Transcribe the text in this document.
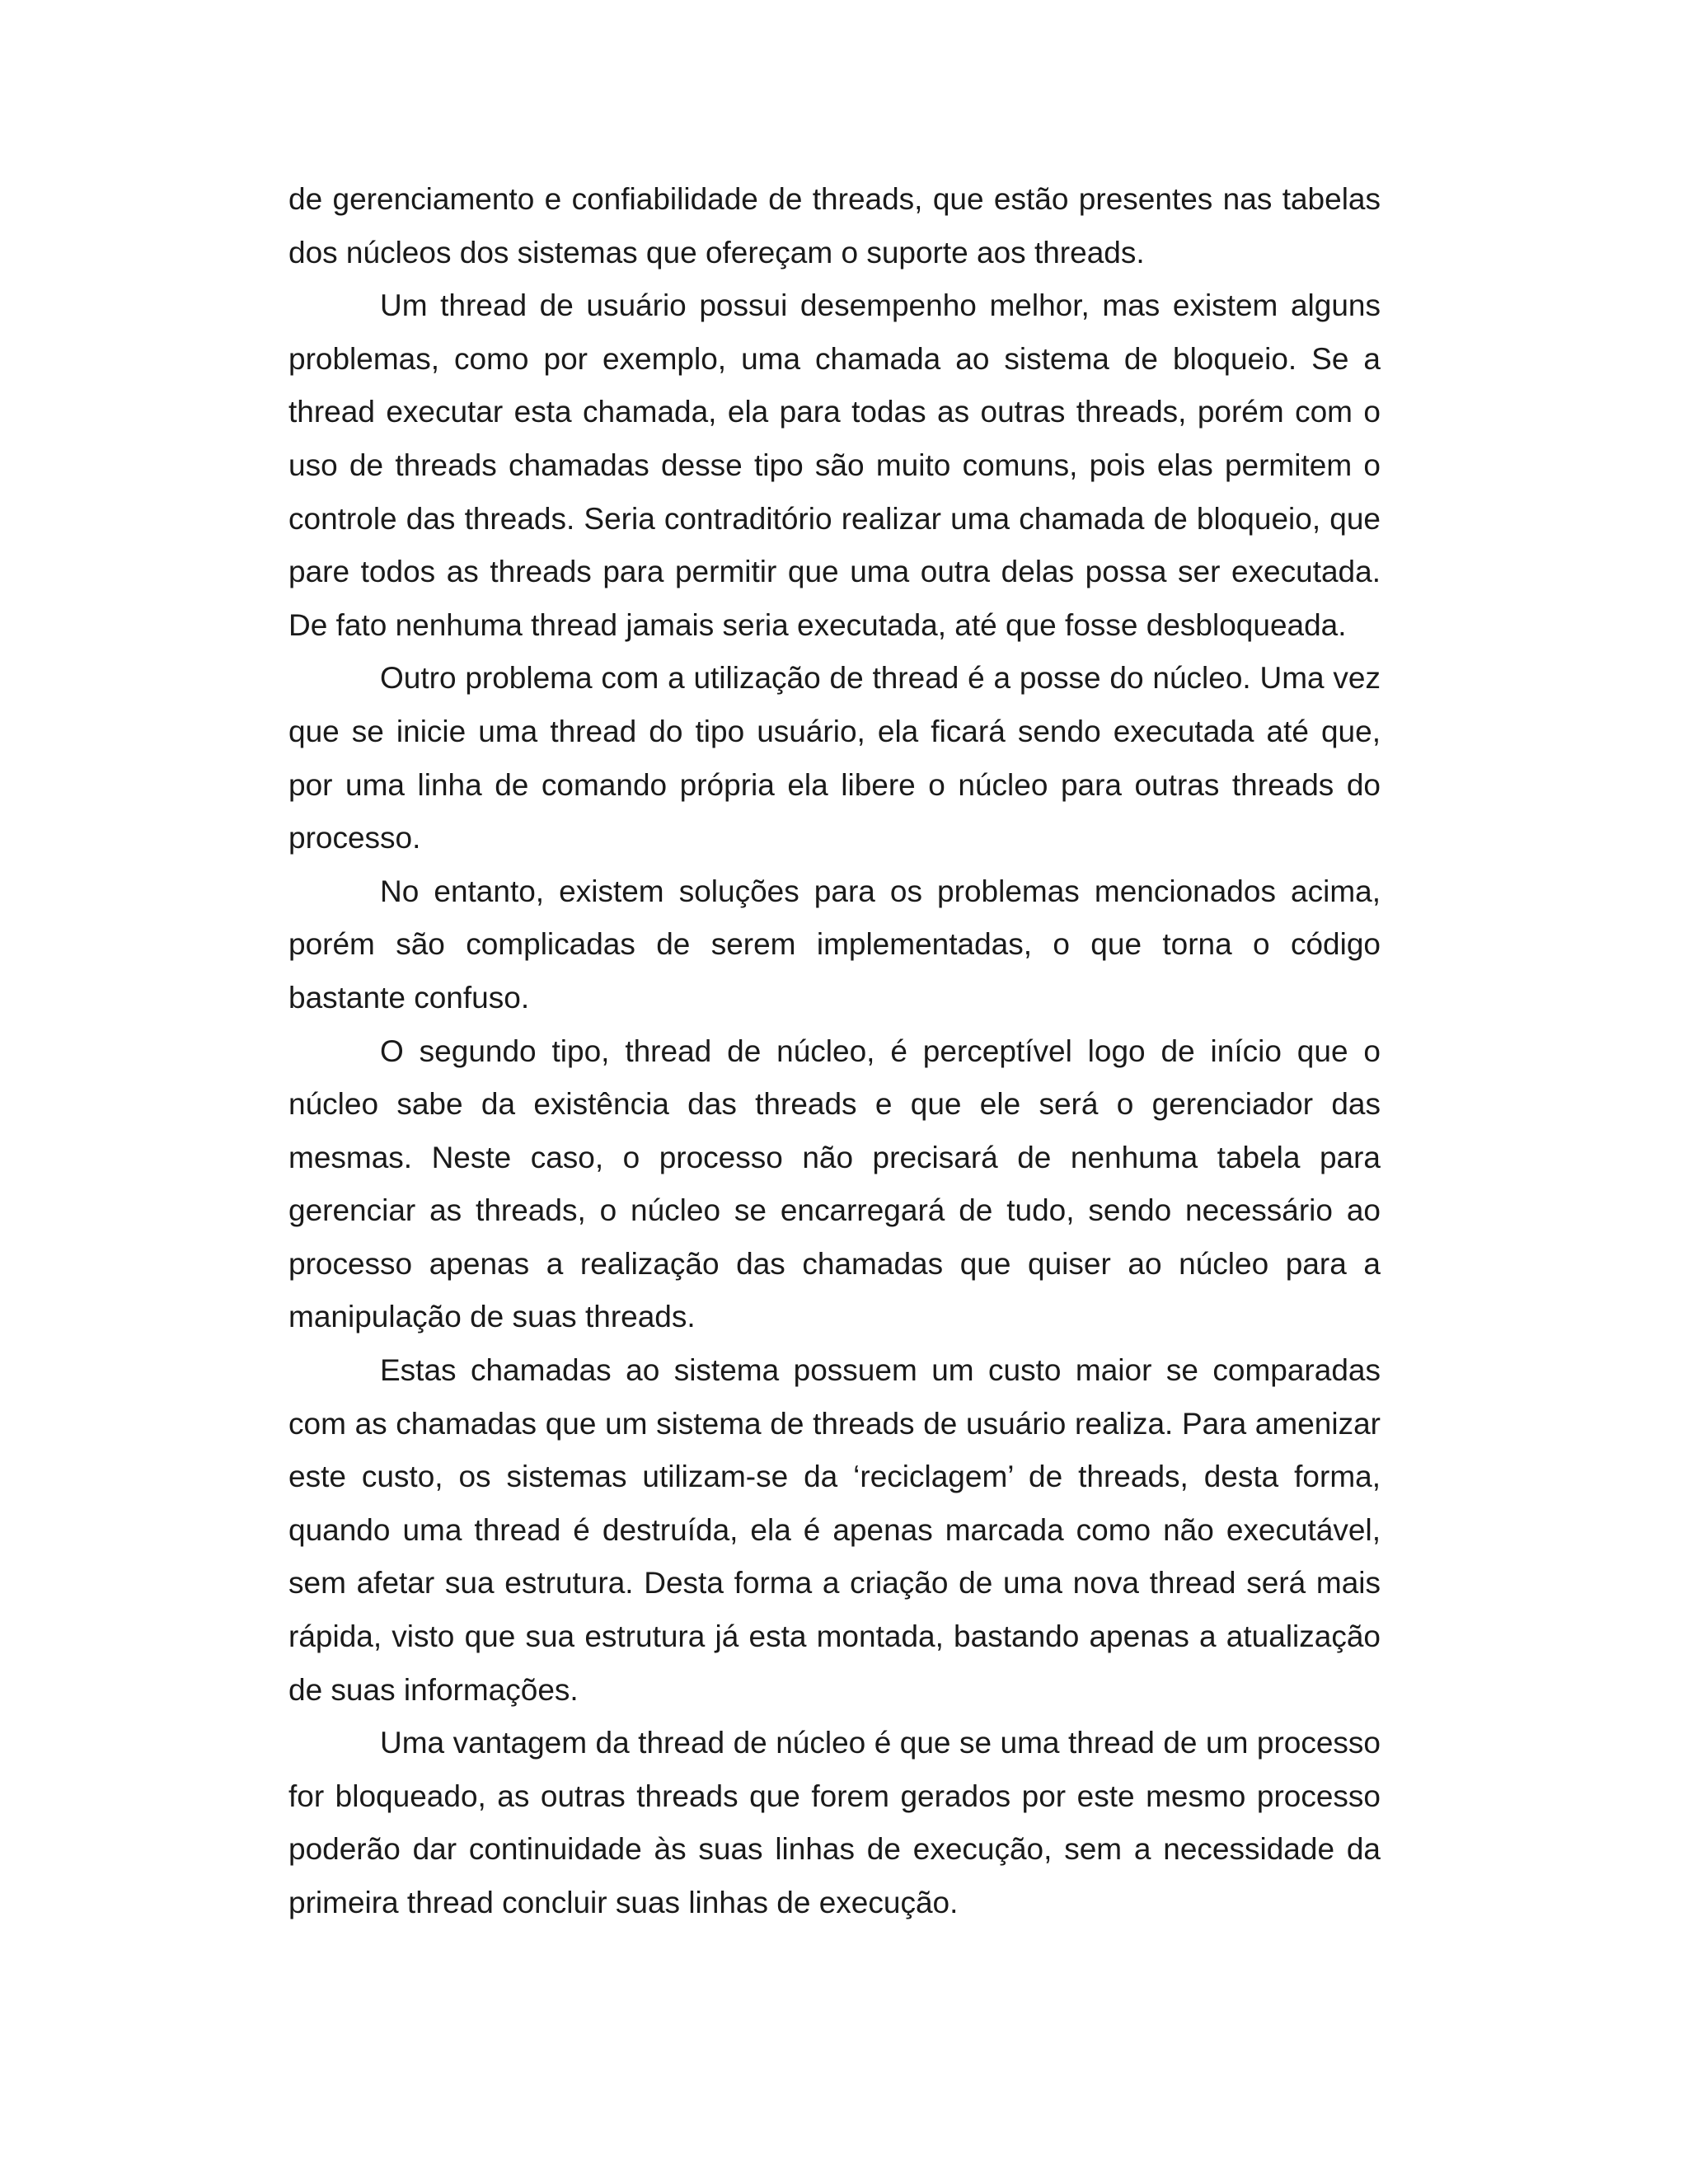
de gerenciamento e confiabilidade de threads, que estão presentes nas tabelas dos núcleos dos sistemas que ofereçam o suporte aos threads.

Um thread de usuário possui desempenho melhor, mas existem alguns problemas, como por exemplo, uma chamada ao sistema de bloqueio. Se a thread executar esta chamada, ela para todas as outras threads, porém com o uso de threads chamadas desse tipo são muito comuns, pois elas permitem o controle das threads. Seria contraditório realizar uma chamada de bloqueio, que pare todos as threads para permitir que uma outra delas possa ser executada. De fato nenhuma thread jamais seria executada, até que fosse desbloqueada.

Outro problema com a utilização de thread é a posse do núcleo. Uma vez que se inicie uma thread do tipo usuário, ela ficará sendo executada até que, por uma linha de comando própria ela libere o núcleo para outras threads do processo.

No entanto, existem soluções para os problemas mencionados acima, porém são complicadas de serem implementadas, o que torna o código bastante confuso.

O segundo tipo, thread de núcleo, é perceptível logo de início que o núcleo sabe da existência das threads e que ele será o gerenciador das mesmas. Neste caso, o processo não precisará de nenhuma tabela para gerenciar as threads, o núcleo se encarregará de tudo, sendo necessário ao processo apenas a realização das chamadas que quiser ao núcleo para a manipulação de suas threads.

Estas chamadas ao sistema possuem um custo maior se comparadas com as chamadas que um sistema de threads de usuário realiza. Para amenizar este custo, os sistemas utilizam-se da ‘reciclagem’ de threads, desta forma, quando uma thread é destruída, ela é apenas marcada como não executável, sem afetar sua estrutura. Desta forma a criação de uma nova thread será mais rápida, visto que sua estrutura já esta montada, bastando apenas a atualização de suas informações.

Uma vantagem da thread de núcleo é que se uma thread de um processo for bloqueado, as outras threads que forem gerados por este mesmo processo poderão dar continuidade às suas linhas de execução, sem a necessidade da primeira thread concluir suas linhas de execução.
